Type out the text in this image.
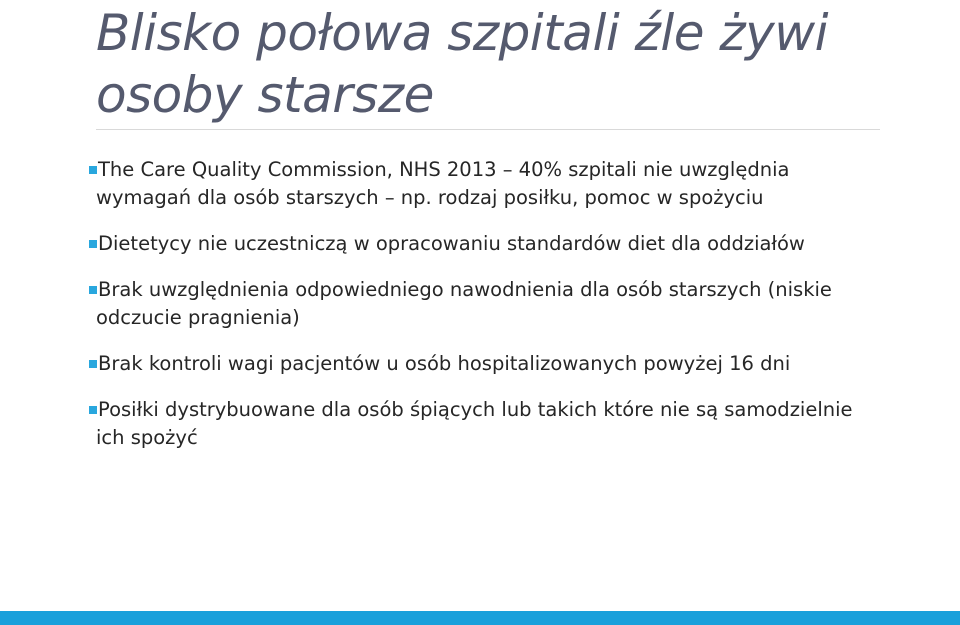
Blisko połowa szpitali źle żywi osoby starsze
The Care Quality Commission, NHS 2013 – 40% szpitali nie uwzględnia wymagań dla osób starszych – np. rodzaj posiłku, pomoc w spożyciu
Dietetycy nie uczestniczą w opracowaniu standardów diet dla oddziałów
Brak uwzględnienia odpowiedniego nawodnienia dla osób starszych (niskie odczucie pragnienia)
Brak kontroli wagi pacjentów u osób hospitalizowanych powyżej 16 dni
Posiłki dystrybuowane dla osób śpiących lub takich które nie są samodzielnie ich spożyć
